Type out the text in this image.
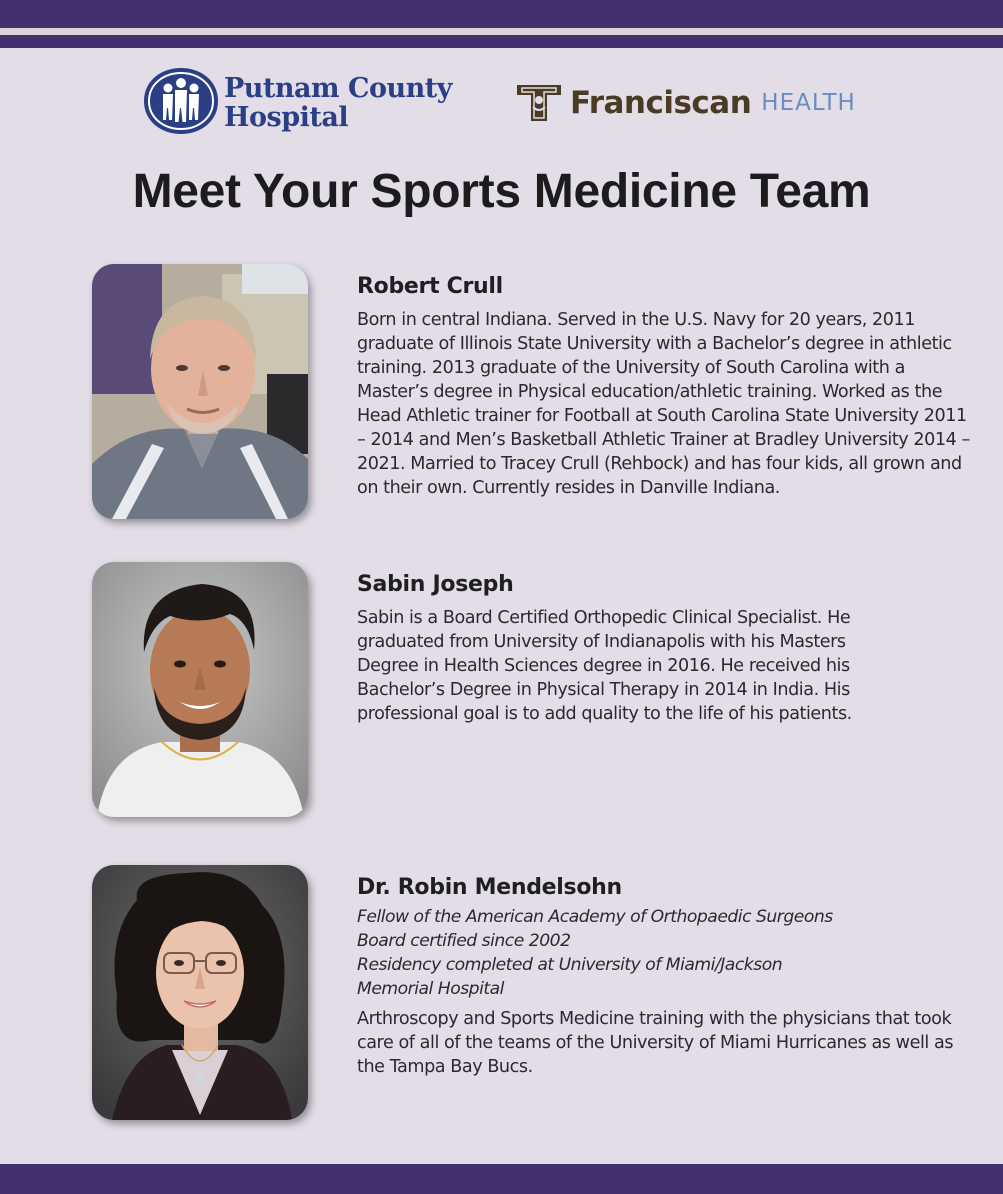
Putnam County
Hospital	Franciscan HEALTH
Meet Your Sports Medicine Team
Robert Crull

Born in central Indiana. Served in the U.S. Navy for 20 years, 2011 graduate of Illinois State University with a Bachelor’s degree in athletic training. 2013 graduate of the University of South Carolina with a Master’s degree in Physical education/athletic training. Worked as the Head Athletic trainer for Football at South Carolina State University 2011 – 2014 and Men’s Basketball Athletic Trainer at Bradley University 2014 – 2021. Married to Tracey Crull (Rehbock) and has four kids, all grown and on their own. Currently resides in Danville Indiana.

Sabin Joseph

Sabin is a Board Certified Orthopedic Clinical Specialist. He graduated from University of Indianapolis with his Masters Degree in Health Sciences degree in 2016. He received his Bachelor’s Degree in Physical Therapy in 2014 in India. His professional goal is to add quality to the life of his patients.

Dr. Robin Mendelsohn
Fellow of the American Academy of Orthopaedic Surgeons
Board certified since 2002
Residency completed at University of Miami/Jackson
Memorial Hospital

Arthroscopy and Sports Medicine training with the physicians that took care of all of the teams of the University of Miami Hurricanes as well as the Tampa Bay Bucs.
